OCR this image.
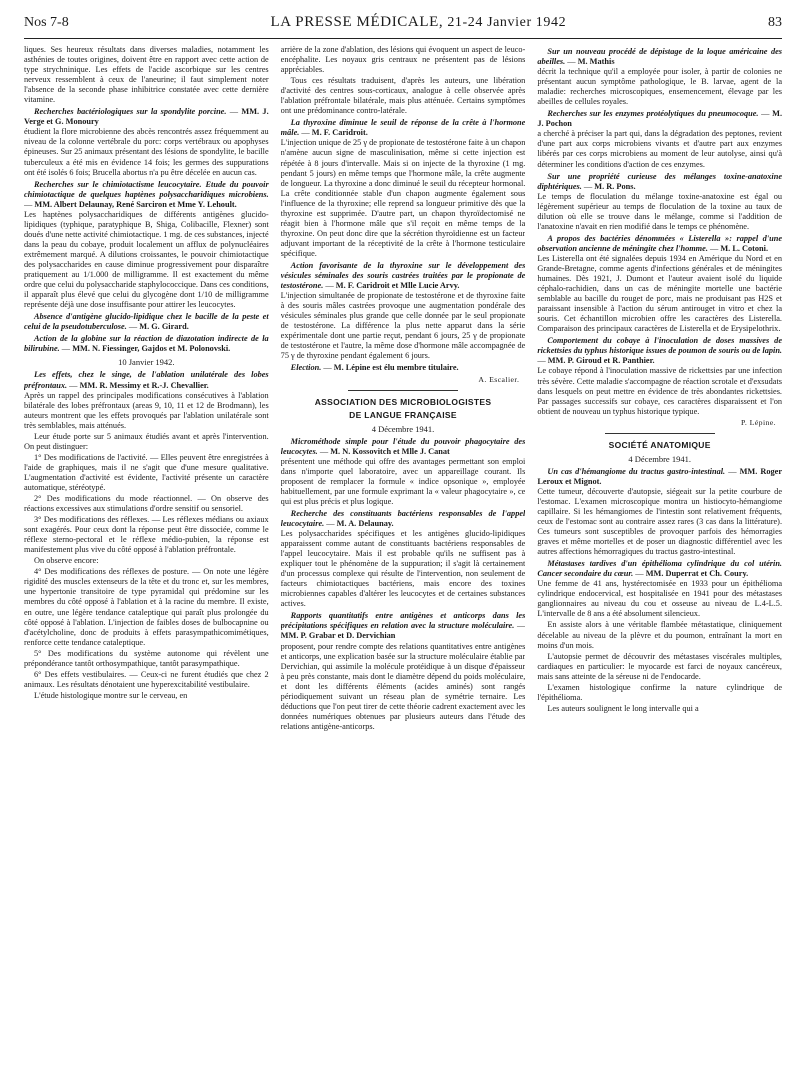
Nos 7-8	LA PRESSE MÉDICALE, 21-24 Janvier 1942	83

liques. Ses heureux résultats dans diverses maladies, notamment les asthénies de toutes origines, doivent être en rapport avec cette action de type strychninique. Les effets de l'acide ascorbique sur les centres nerveux ressemblent à ceux de l'aneurine; il faut simplement noter l'absence de la seconde phase inhibitrice constatée avec cette dernière vitamine.

Recherches bactériologiques sur la spondylite porcine. — MM. J. Verge et G. Monoury

étudient la flore microbienne des abcès rencontrés assez fréquemment au niveau de la colonne vertébrale du porc: corps vertébraux ou apophyses épineuses. Sur 25 animaux présentant des lésions de spondylite, le bacille tuberculeux a été mis en évidence 14 fois; les germes des suppurations ont été isolés 6 fois; Brucella abortus n'a pu être décelée en aucun cas.

Recherches sur le chimiotactisme leucocytaire. Etude du pouvoir chimiotactique de quelques haptènes polysaccharidiques microbiens. — MM. Albert Delaunay, René Sarciron et Mme Y. Lehoult.

Les haptènes polysaccharidiques de différents antigènes glucido-lipidiques (typhique, paratyphique B, Shiga, Colibacille, Flexner) sont doués d'une nette activité chimiotactique. 1 mg. de ces substances, injecté dans la peau du cobaye, produit localement un afflux de polynucléaires extrêmement marqué. A dilutions croissantes, le pouvoir chimiotactique des polysaccharides en cause diminue progressivement pour disparaître pratiquement au 1/1.000 de milligramme. Il est exactement du même ordre que celui du polysaccharide staphylococcique. Dans ces conditions, il apparaît plus élevé que celui du glycogène dont 1/10 de milligramme représente déjà une dose insuffisante pour attirer les leucocytes.

Absence d'antigène glucido-lipidique chez le bacille de la peste et celui de la pseudotuberculose. — M. G. Girard.
Action de la globine sur la réaction de diazotation indirecte de la bilirubine. — MM. N. Fiessinger, Gajdos et M. Polonovski.
10 Janvier 1942.
Les effets, chez le singe, de l'ablation unilatérale des lobes préfrontaux. — MM. R. Messimy et R.-J. Chevallier.

Après un rappel des principales modifications consécutives à l'ablation bilatérale des lobes préfrontaux (areas 9, 10, 11 et 12 de Brodmann), les auteurs montrent que les effets provoqués par l'ablation unilatérale sont très semblables, mais atténués.

Leur étude porte sur 5 animaux étudiés avant et après l'intervention. On peut distinguer:

1° Des modifications de l'activité. — Elles peuvent être enregistrées à l'aide de graphiques, mais il ne s'agit que d'une mesure qualitative. L'augmentation d'activité est évidente, l'activité présente un caractère automatique, stéréotypé.

2° Des modifications du mode réactionnel. — On observe des réactions excessives aux stimulations d'ordre sensitif ou sensoriel.

3° Des modifications des réflexes. — Les réflexes médians ou axiaux sont exagérés. Pour ceux dont la réponse peut être dissociée, comme le réflexe sterno-pectoral et le réflexe médio-pubien, la réponse est manifestement plus vive du côté opposé à l'ablation préfrontale.

On observe encore:

4° Des modifications des réflexes de posture. — On note une légère rigidité des muscles extenseurs de la tête et du tronc et, sur les membres, une hypertonie transitoire de type pyramidal qui prédomine sur les membres du côté opposé à l'ablation et à la racine du membre. Il existe, en outre, une légère tendance cataleptique qui paraît plus prolongée du côté opposé à l'ablation. L'injection de faibles doses de bulbocapnine ou d'acétylcholine, donc de produits à effets parasympathicomimétiques, renforce cette tendance cataleptique.

5° Des modifications du système autonome qui révèlent une prépondérance tantôt orthosympathique, tantôt parasympathique.

6° Des effets vestibulaires. — Ceux-ci ne furent étudiés que chez 2 animaux. Les résultats dénotaient une hyperexcitabilité vestibulaire.

L'étude histologique montre sur le cerveau, en

arrière de la zone d'ablation, des lésions qui évoquent un aspect de leuco-encéphalite. Les noyaux gris centraux ne présentent pas de lésions appréciables.

Tous ces résultats traduisent, d'après les auteurs, une libération d'activité des centres sous-corticaux, analogue à celle observée après l'ablation préfrontale bilatérale, mais plus atténuée. Certains symptômes ont une prédominance contro-latérale.

La thyroxine diminue le seuil de réponse de la crête à l'hormone mâle. — M. F. Caridroit.

L'injection unique de 25 γ de propionate de testostérone faite à un chapon n'amène aucun signe de masculinisation, même si cette injection est répétée à 8 jours d'intervalle. Mais si on injecte de la thyroxine (1 mg. pendant 5 jours) en même temps que l'hormone mâle, la crête augmente de longueur. La thyroxine a donc diminué le seuil du récepteur hormonal. La crête conditionnée stable d'un chapon augmente également sous l'influence de la thyroxine; elle reprend sa longueur primitive dès que la thyroxine est supprimée. D'autre part, un chapon thyroïdectomisé ne réagit bien à l'hormone mâle que s'il reçoit en même temps de la thyroxine. On peut donc dire que la sécrétion thyroïdienne est un facteur adjuvant important de la réceptivité de la crête à l'hormone testiculaire spécifique.

Action favorisante de la thyroxine sur le développement des vésicules séminales des souris castrées traitées par le propionate de testostérone. — M. F. Caridroit et Mlle Lucie Arvy.

L'injection simultanée de propionate de testostérone et de thyroxine faite à des souris mâles castrées provoque une augmentation pondérale des vésicules séminales plus grande que celle donnée par le seul propionate de testostérone. La différence la plus nette apparut dans la série expérimentale dont une partie reçut, pendant 6 jours, 25 γ de propionate de testostérone et l'autre, la même dose d'hormone mâle accompagnée de 75 γ de thyroxine pendant également 6 jours.

Election. — M. Lépine est élu membre titulaire.
A. Escalier.
ASSOCIATION DES MICROBIOLOGISTES
DE LANGUE FRANÇAISE
4 Décembre 1941.
Microméthode simple pour l'étude du pouvoir phagocytaire des leucocytes. — M. N. Kossovitch et Mlle J. Canat

présentent une méthode qui offre des avantages permettant son emploi dans n'importe quel laboratoire, avec un appareillage courant. Ils proposent de remplacer la formule « indice opsonique », employée habituellement, par une formule exprimant la « valeur phagocytaire », ce qui est plus précis et plus logique.

Recherche des constituants bactériens responsables de l'appel leucocytaire. — M. A. Delaunay.

Les polysaccharides spécifiques et les antigènes glucido-lipidiques apparaissent comme autant de constituants bactériens responsables de l'appel leucocytaire. Mais il est probable qu'ils ne suffisent pas à expliquer tout le phénomène de la suppuration; il s'agit là certainement d'un processus complexe qui résulte de l'intervention, non seulement de facteurs chimiotactiques bactériens, mais encore des toxines microbiennes capables d'altérer les leucocytes et de certaines substances actives.

Rapports quantitatifs entre antigènes et anticorps dans les précipitations spécifiques en relation avec la structure moléculaire. — MM. P. Grabar et D. Dervichian

proposent, pour rendre compte des relations quantitatives entre antigènes et anticorps, une explication basée sur la structure moléculaire établie par Dervichian, qui assimile la molécule protéidique à un disque d'épaisseur à peu près constante, mais dont le diamètre dépend du poids moléculaire, et dont les différents éléments (acides aminés) sont rangés périodiquement suivant un réseau plan de symétrie ternaire. Les déductions que l'on peut tirer de cette théorie cadrent exactement avec les données numériques obtenues par plusieurs auteurs dans l'étude des relations antigène-anticorps.

Sur un nouveau procédé de dépistage de la loque américaine des abeilles. — M. Mathis

décrit la technique qu'il a employée pour isoler, à partir de colonies ne présentant aucun symptôme pathologique, le B. larvae, agent de la maladie: recherches microscopiques, ensemencement, élevage par les abeilles de cellules royales.

Recherches sur les enzymes protéolytiques du pneumocoque. — M. J. Pochon

a cherché à préciser la part qui, dans la dégradation des peptones, revient d'une part aux corps microbiens vivants et d'autre part aux enzymes libérés par ces corps microbiens au moment de leur autolyse, ainsi qu'à déterminer les conditions d'action de ces enzymes.

Sur une propriété curieuse des mélanges toxine-anatoxine diphtériques. — M. R. Pons.

Le temps de floculation du mélange toxine-anatoxine est égal ou légèrement supérieur au temps de floculation de la toxine au taux de dilution où elle se trouve dans le mélange, comme si l'addition de l'anatoxine n'avait en rien modifié dans le temps ce phénomène.

A propos des bactéries dénommées « Listerella »: rappel d'une observation ancienne de méningite chez l'homme. — M. L. Cotoni.

Les Listerella ont été signalées depuis 1934 en Amérique du Nord et en Grande-Bretagne, comme agents d'infections générales et de méningites humaines. Dès 1921, J. Dumont et l'auteur avaient isolé du liquide céphalo-rachidien, dans un cas de méningite mortelle une bactérie semblable au bacille du rouget de porc, mais ne produisant pas H2S et paraissant insensible à l'action du sérum antirouget in vitro et chez la souris. Cet échantillon microbien offre les caractères des Listerella. Comparaison des principaux caractères de Listerella et de Erysipelothrix.

Comportement du cobaye à l'inoculation de doses massives de rickettsies du typhus historique issues de poumon de souris ou de lapin. — MM. P. Giroud et R. Panthier.

Le cobaye répond à l'inoculation massive de rickettsies par une infection très sévère. Cette maladie s'accompagne de réaction scrotale et d'exsudats dans lesquels on peut mettre en évidence de très abondantes rickettsies. Par passages successifs sur cobaye, ces caractères disparaissent et l'on obtient de nouveau un typhus historique typique.

P. Lépine.
SOCIÉTÉ ANATOMIQUE
4 Décembre 1941.
Un cas d'hémangiome du tractus gastro-intestinal. — MM. Roger Leroux et Mignot.

Cette tumeur, découverte d'autopsie, siégeait sur la petite courbure de l'estomac. L'examen microscopique montra un histiocyto-hémangiome capillaire. Si les hémangiomes de l'intestin sont relativement fréquents, ceux de l'estomac sont au contraire assez rares (3 cas dans la littérature). Ces tumeurs sont susceptibles de provoquer parfois des hémorragies graves et même mortelles et de poser un diagnostic différentiel avec les autres affections hémorragiques du tractus gastro-intestinal.

Métastases tardives d'un épithélioma cylindrique du col utérin. Cancer secondaire du cœur. — MM. Duperrat et Ch. Coury.

Une femme de 41 ans, hystérectomisée en 1933 pour un épithélioma cylindrique endocervical, est hospitalisée en 1941 pour des métastases ganglionnaires au niveau du cou et osseuse au niveau de L.4-L.5. L'intervalle de 8 ans a été absolument silencieux.

En assiste alors à une véritable flambée métastatique, cliniquement décelable au niveau de la plèvre et du poumon, entraînant la mort en moins d'un mois.

L'autopsie permet de découvrir des métastases viscérales multiples, cardiaques en particulier: le myocarde est farci de noyaux cancéreux, mais sans atteinte de la séreuse ni de l'endocarde.

L'examen histologique confirme la nature cylindrique de l'épithélioma.

Les auteurs soulignent le long intervalle qui a
